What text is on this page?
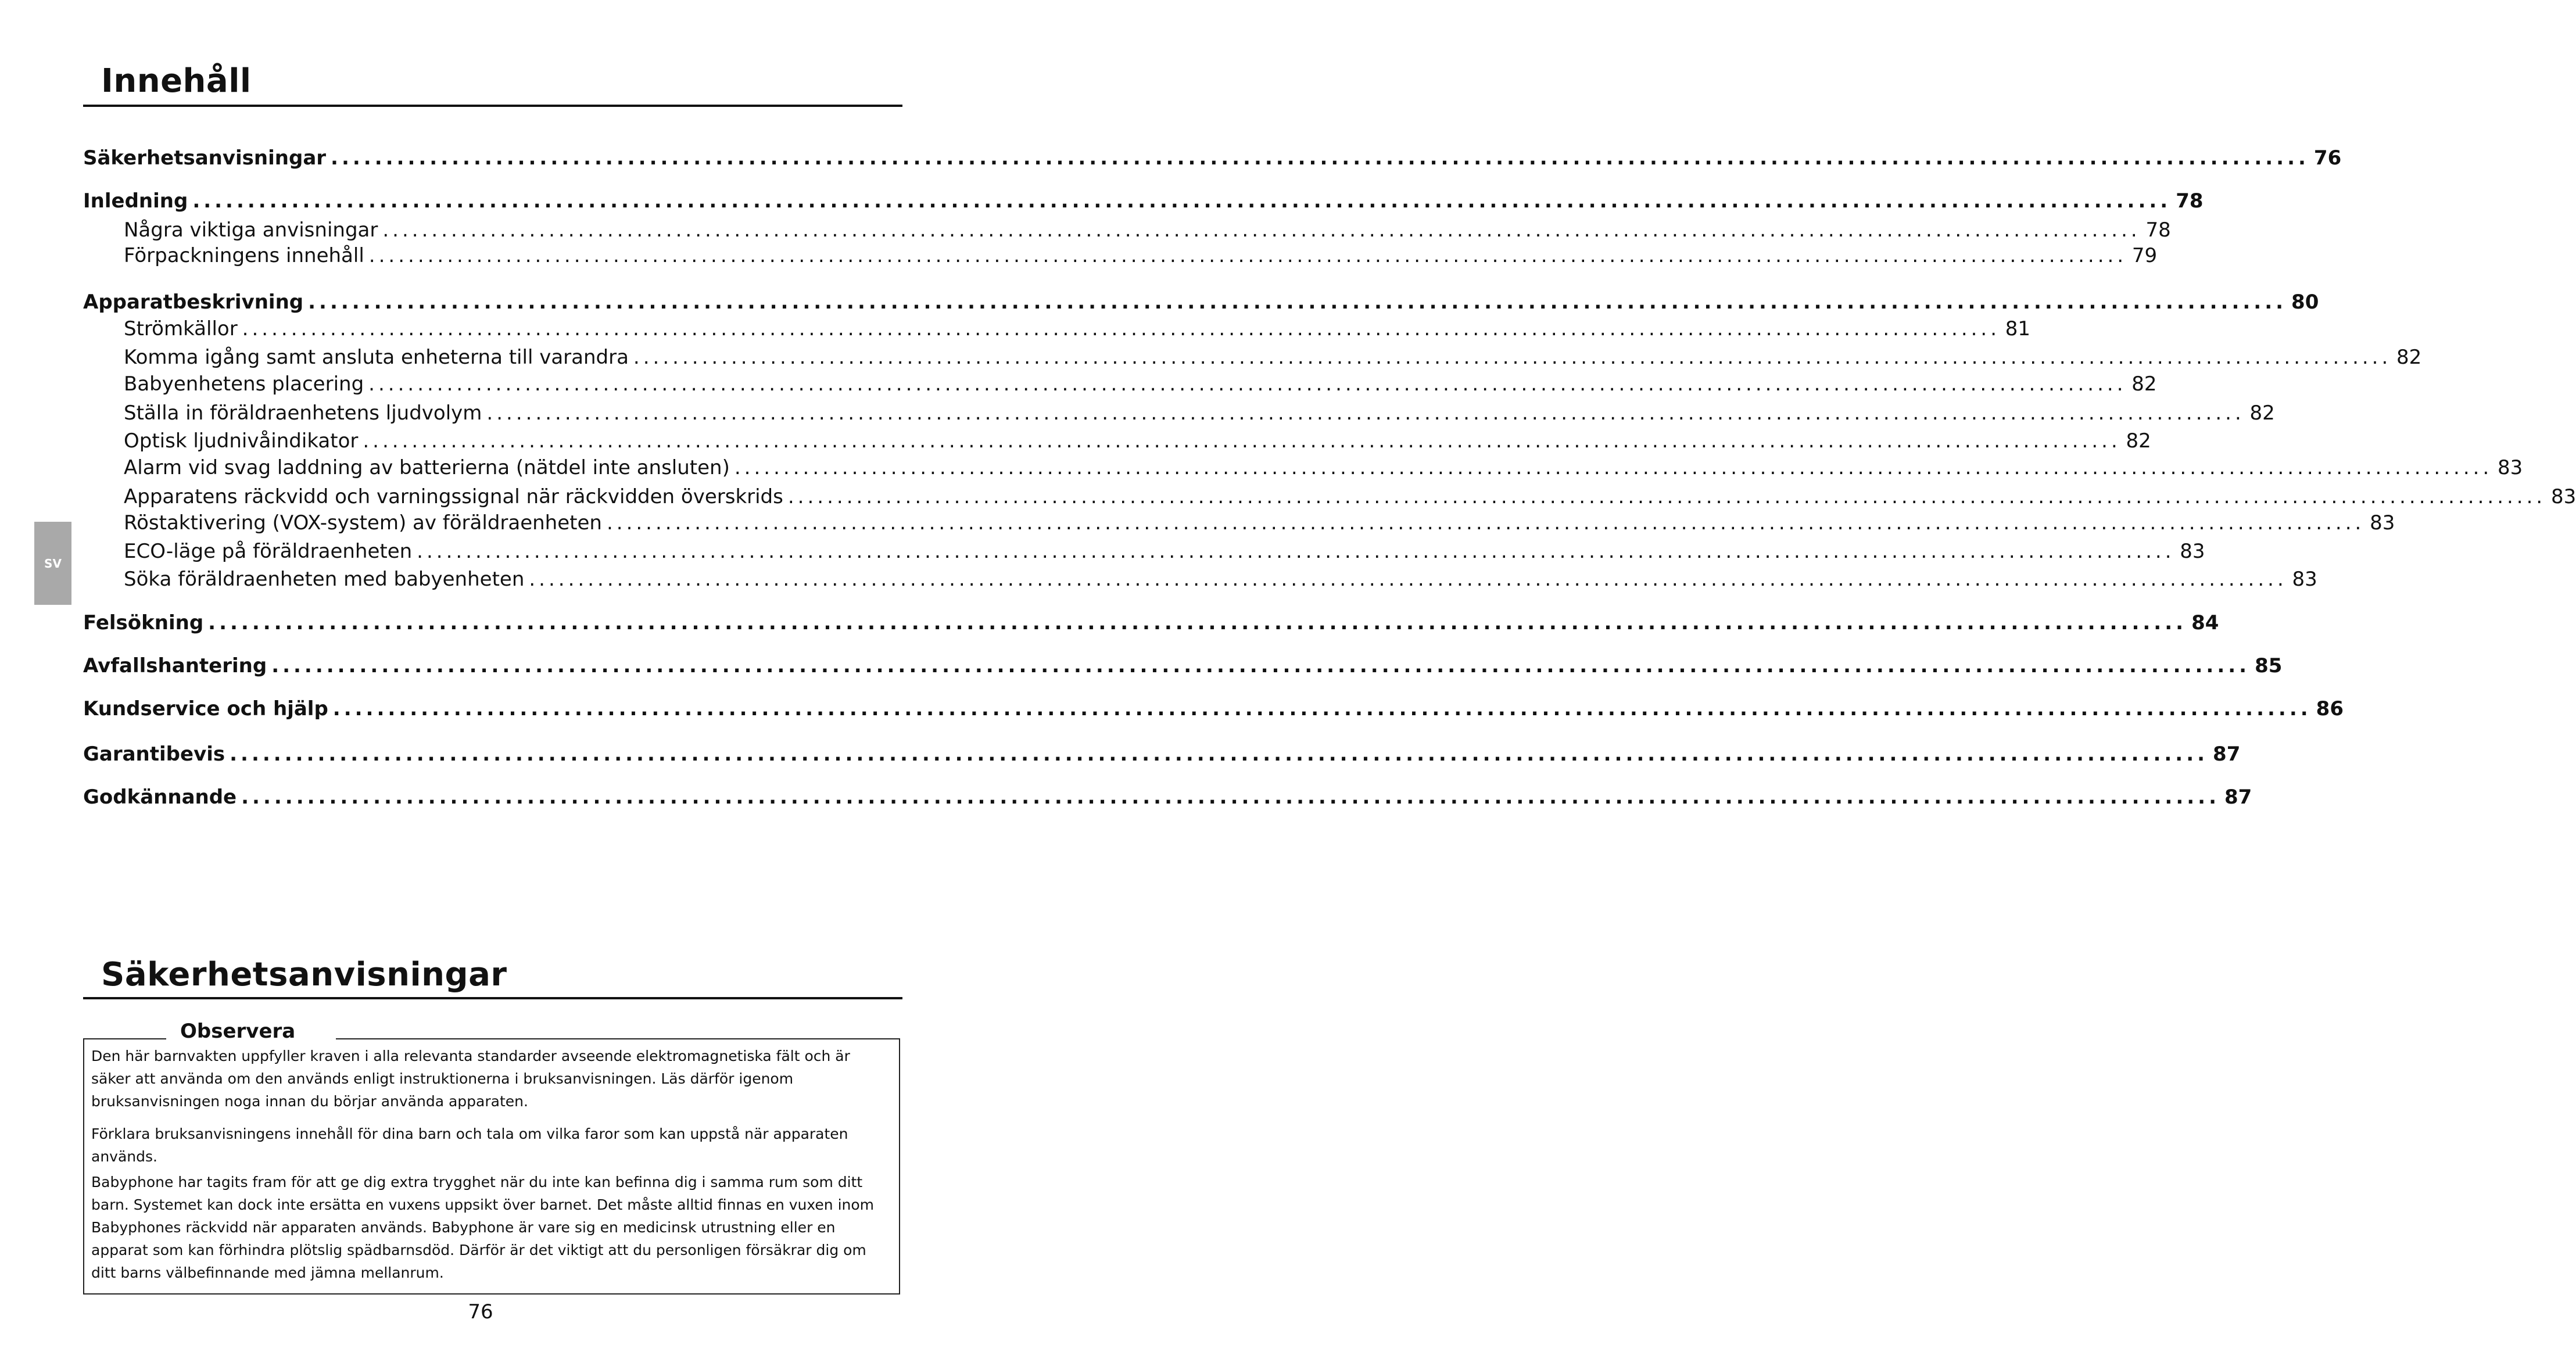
Innehåll
Säkerhetsanvisningar .................................................................................................................................................................................... 76
Inledning .................................................................................................................................................................................... 78
Några viktiga anvisningar .................................................................................................................................................................................... 78
Förpackningens innehåll .................................................................................................................................................................................... 79
Apparatbeskrivning .................................................................................................................................................................................... 80
Strömkällor .................................................................................................................................................................................... 81
Komma igång samt ansluta enheterna till varandra .................................................................................................................................................................................... 82
Babyenhetens placering .................................................................................................................................................................................... 82
Ställa in föräldraenhetens ljudvolym .................................................................................................................................................................................... 82
Optisk ljudnivåindikator .................................................................................................................................................................................... 82
Alarm vid svag laddning av batterierna (nätdel inte ansluten) .................................................................................................................................................................................... 83
Apparatens räckvidd och varningssignal när räckvidden överskrids .................................................................................................................................................................................... 83
Röstaktivering (VOX-system) av föräldraenheten .................................................................................................................................................................................... 83
ECO-läge på föräldraenheten .................................................................................................................................................................................... 83
Söka föräldraenheten med babyenheten .................................................................................................................................................................................... 83
Felsökning .................................................................................................................................................................................... 84
Avfallshantering .................................................................................................................................................................................... 85
Kundservice och hjälp .................................................................................................................................................................................... 86
Garantibevis .................................................................................................................................................................................... 87
Godkännande .................................................................................................................................................................................... 87
SV
Säkerhetsanvisningar
Observera

Den här barnvakten uppfyller kraven i alla relevanta standarder avseende elektromagnetiska fält och är säker att använda om den används enligt instruktionerna i bruksanvisningen. Läs därför igenom bruksanvisningen noga innan du börjar använda apparaten.

Förklara bruksanvisningens innehåll för dina barn och tala om vilka faror som kan uppstå när apparaten används.

Babyphone har tagits fram för att ge dig extra trygghet när du inte kan befinna dig i samma rum som ditt barn. Systemet kan dock inte ersätta en vuxens uppsikt över barnet. Det måste alltid finnas en vuxen inom Babyphones räckvidd när apparaten används. Babyphone är vare sig en medicinsk utrustning eller en apparat som kan förhindra plötslig spädbarnsdöd. Därför är det viktigt att du personligen försäkrar dig om ditt barns välbefinnande med jämna mellanrum.

76
